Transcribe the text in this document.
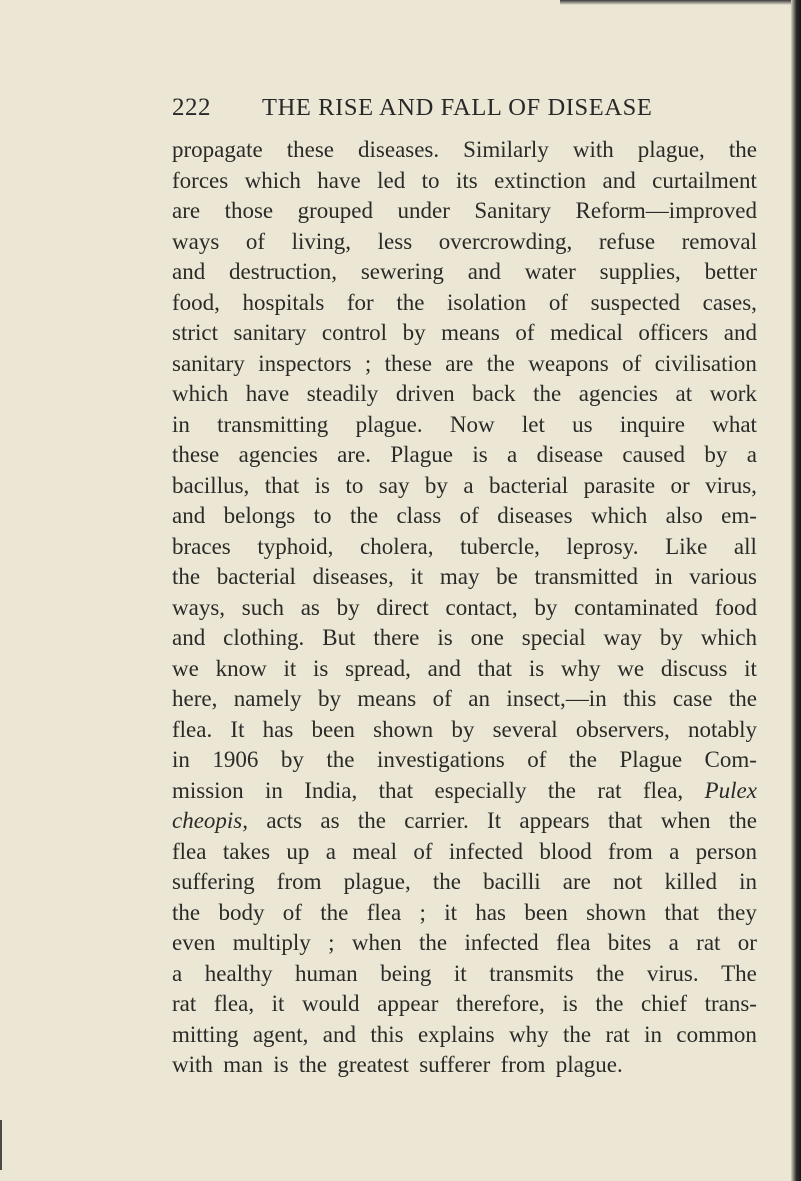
222 THE RISE AND FALL OF DISEASE
propagate these diseases. Similarly with plague, the
forces which have led to its extinction and curtailment
are those grouped under Sanitary Reform—improved
ways of living, less overcrowding, refuse removal
and destruction, sewering and water supplies, better
food, hospitals for the isolation of suspected cases,
strict sanitary control by means of medical officers and
sanitary inspectors ; these are the weapons of civilisation
which have steadily driven back the agencies at work
in transmitting plague. Now let us inquire what
these agencies are. Plague is a disease caused by a
bacillus, that is to say by a bacterial parasite or virus,
and belongs to the class of diseases which also em-
braces typhoid, cholera, tubercle, leprosy. Like all
the bacterial diseases, it may be transmitted in various
ways, such as by direct contact, by contaminated food
and clothing. But there is one special way by which
we know it is spread, and that is why we discuss it
here, namely by means of an insect,—in this case the
flea. It has been shown by several observers, notably
in 1906 by the investigations of the Plague Com-
mission in India, that especially the rat flea, Pulex
cheopis, acts as the carrier. It appears that when the
flea takes up a meal of infected blood from a person
suffering from plague, the bacilli are not killed in
the body of the flea ; it has been shown that they
even multiply ; when the infected flea bites a rat or
a healthy human being it transmits the virus. The
rat flea, it would appear therefore, is the chief trans-
mitting agent, and this explains why the rat in common
with man is the greatest sufferer from plague.
